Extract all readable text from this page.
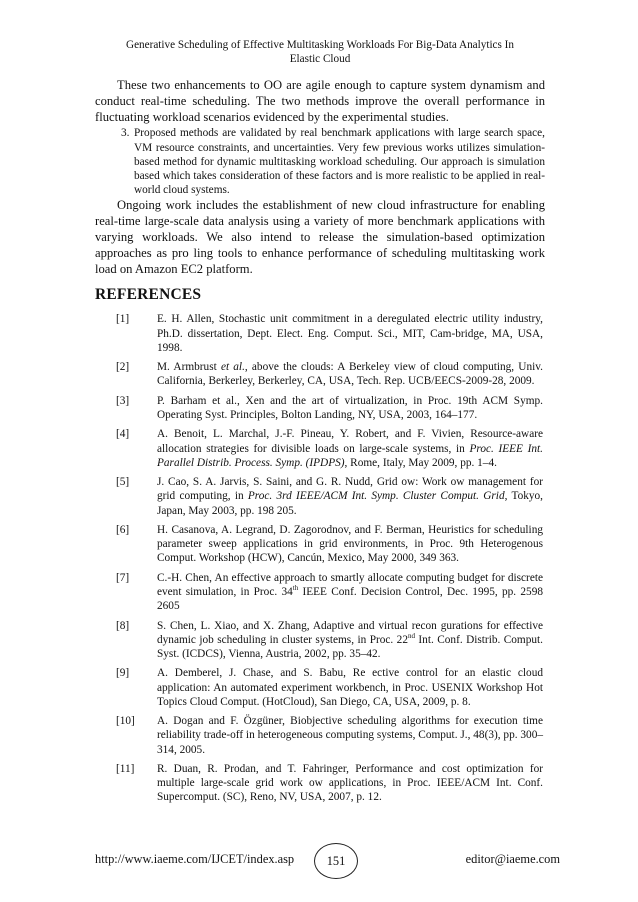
Generative Scheduling of Effective Multitasking Workloads For Big-Data Analytics In
Elastic Cloud

These two enhancements to OO are agile enough to capture system dynamism and conduct real-time scheduling. The two methods improve the overall performance in fluctuating workload scenarios evidenced by the experimental studies.

3. Proposed methods are validated by real benchmark applications with large search space, VM resource constraints, and uncertainties. Very few previous works utilizes simulation-based method for dynamic multitasking workload scheduling. Our approach is simulation based which takes consideration of these factors and is more realistic to be applied in real-world cloud systems.

Ongoing work includes the establishment of new cloud infrastructure for enabling real-time large-scale data analysis using a variety of more benchmark applications with varying workloads. We also intend to release the simulation-based optimization approaches as pro ling tools to enhance performance of scheduling multitasking work load on Amazon EC2 platform.

REFERENCES
[1] E. H. Allen, Stochastic unit commitment in a deregulated electric utility industry, Ph.D. dissertation, Dept. Elect. Eng. Comput. Sci., MIT, Cam-bridge, MA, USA, 1998.
[2] M. Armbrust et al., above the clouds: A Berkeley view of cloud computing, Univ. California, Berkerley, Berkerley, CA, USA, Tech. Rep. UCB/EECS-2009-28, 2009.
[3] P. Barham et al., Xen and the art of virtualization, in Proc. 19th ACM Symp. Operating Syst. Principles, Bolton Landing, NY, USA, 2003, 164–177.
[4] A. Benoit, L. Marchal, J.-F. Pineau, Y. Robert, and F. Vivien, Resource-aware allocation strategies for divisible loads on large-scale systems, in Proc. IEEE Int. Parallel Distrib. Process. Symp. (IPDPS), Rome, Italy, May 2009, pp. 1–4.
[5] J. Cao, S. A. Jarvis, S. Saini, and G. R. Nudd, Grid ow: Work ow management for grid computing, in Proc. 3rd IEEE/ACM Int. Symp. Cluster Comput. Grid, Tokyo, Japan, May 2003, pp. 198 205.
[6] H. Casanova, A. Legrand, D. Zagorodnov, and F. Berman, Heuristics for scheduling parameter sweep applications in grid environments, in Proc. 9th Heterogenous Comput. Workshop (HCW), Cancún, Mexico, May 2000, 349 363.
[7] C.-H. Chen, An effective approach to smartly allocate computing budget for discrete event simulation, in Proc. 34th IEEE Conf. Decision Control, Dec. 1995, pp. 2598 2605
[8] S. Chen, L. Xiao, and X. Zhang, Adaptive and virtual recon gurations for effective dynamic job scheduling in cluster systems, in Proc. 22nd Int. Conf. Distrib. Comput. Syst. (ICDCS), Vienna, Austria, 2002, pp. 35–42.
[9] A. Demberel, J. Chase, and S. Babu, Re ective control for an elastic cloud application: An automated experiment workbench, in Proc. USENIX Workshop Hot Topics Cloud Comput. (HotCloud), San Diego, CA, USA, 2009, p. 8.
[10] A. Dogan and F. Özgüner, Biobjective scheduling algorithms for execution time reliability trade-off in heterogeneous computing systems, Comput. J., 48(3), pp. 300–314, 2005.
[11] R. Duan, R. Prodan, and T. Fahringer, Performance and cost optimization for multiple large-scale grid work ow applications, in Proc. IEEE/ACM Int. Conf. Supercomput. (SC), Reno, NV, USA, 2007, p. 12.
http://www.iaeme.com/IJCET/index.asp	151	editor@iaeme.com
